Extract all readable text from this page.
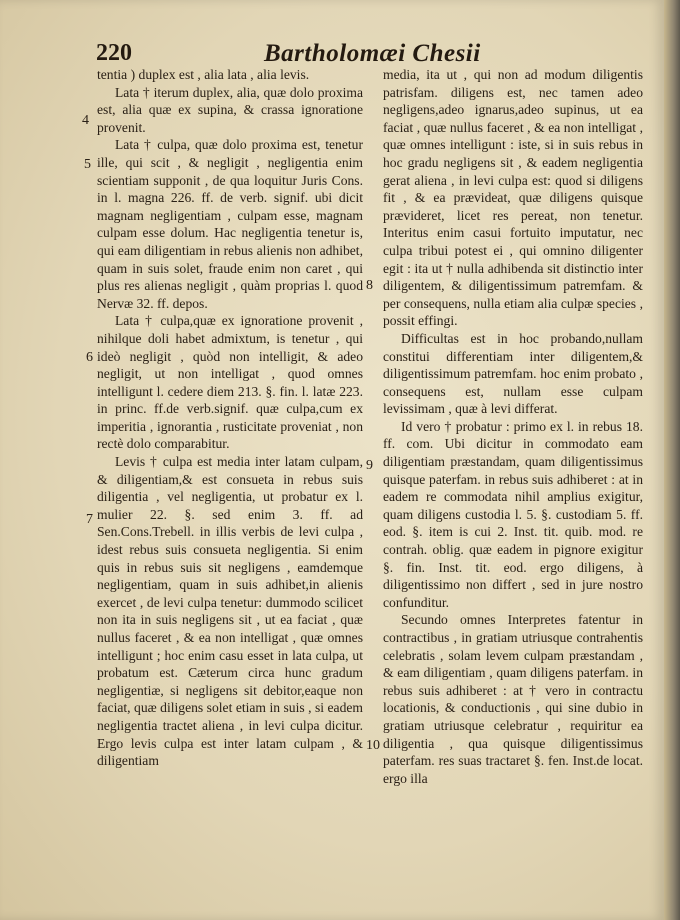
220	Bartholomæi Chesii
4
5
6
7
8
9
10

tentia ) duplex est , alia lata , alia levis.

Lata † iterum duplex, alia, quæ dolo proxima est, alia quæ ex supina, & crassa ignoratione provenit.

Lata † culpa, quæ dolo proxima est, tenetur ille, qui scit , & negligit , negligentia enim scientiam supponit , de qua loquitur Juris Cons. in l. magna 226. ff. de verb. signif. ubi dicit magnam negligentiam , culpam esse, magnam culpam esse dolum. Hac negligentia tenetur is, qui eam diligentiam in rebus alienis non adhibet, quam in suis solet, fraude enim non caret , qui plus res alienas negligit , quàm proprias l. quod Nervæ 32. ff. depos.

Lata † culpa,quæ ex ignoratione provenit , nihilque doli habet admixtum, is tenetur , qui ideò negligit , quòd non intelligit, & adeo negligit, ut non intelligat , quod omnes intelligunt l. cedere diem 213. §. fin. l. latæ 223. in princ. ff.de verb.signif. quæ culpa,cum ex imperitia , ignorantia , rusticitate proveniat , non rectè dolo comparabitur.

Levis † culpa est media inter latam culpam, & diligentiam,& est consueta in rebus suis diligentia , vel negligentia, ut probatur ex l. mulier 22. §. sed enim 3. ff. ad Sen.Cons.Trebell. in illis verbis de levi culpa , idest rebus suis consueta negligentia. Si enim quis in rebus suis sit negligens , eamdemque negligentiam, quam in suis adhibet,in alienis exercet , de levi culpa tenetur: dummodo scilicet non ita in suis negligens sit , ut ea faciat , quæ nullus faceret , & ea non intelligat , quæ omnes intelligunt ; hoc enim casu esset in lata culpa, ut probatum est. Cæterum circa hunc gradum negligentiæ, si negligens sit debitor,eaque non faciat, quæ diligens solet etiam in suis , si eadem negligentia tractet aliena , in levi culpa dicitur. Ergo levis culpa est inter latam culpam , & diligentiam

media, ita ut , qui non ad modum diligentis patrisfam. diligens est, nec tamen adeo negligens,adeo ignarus,adeo supinus, ut ea faciat , quæ nullus faceret , & ea non intelligat , quæ omnes intelligunt : iste, si in suis rebus in hoc gradu negligens sit , & eadem negligentia gerat aliena , in levi culpa est: quod si diligens fit , & ea prævideat, quæ diligens quisque prævideret, licet res pereat, non tenetur. Interitus enim casui fortuito imputatur, nec culpa tribui potest ei , qui omnino diligenter egit : ita ut † nulla adhibenda sit distinctio inter diligentem, & diligentissimum patremfam. & per consequens, nulla etiam alia culpæ species , possit effingi.

Difficultas est in hoc probando,nullam constitui differentiam inter diligentem,& diligentissimum patremfam. hoc enim probato , consequens est, nullam esse culpam levissimam , quæ à levi differat.

Id vero † probatur : primo ex l. in rebus 18. ff. com. Ubi dicitur in commodato eam diligentiam præstandam, quam diligentissimus quisque paterfam. in rebus suis adhiberet : at in eadem re commodata nihil amplius exigitur, quam diligens custodia l. 5. §. custodiam 5. ff. eod. §. item is cui 2. Inst. tit. quib. mod. re contrah. oblig. quæ eadem in pignore exigitur §. fin. Inst. tit. eod. ergo diligens, à diligentissimo non differt , sed in jure nostro confunditur.

Secundo omnes Interpretes fatentur in contractibus , in gratiam utriusque contrahentis celebratis , solam levem culpam præstandam , & eam diligentiam , quam diligens paterfam. in rebus suis adhiberet : at † vero in contractu locationis, & conductionis , qui sine dubio in gratiam utriusque celebratur , requiritur ea diligentia , qua quisque diligentissimus paterfam. res suas tractaret §. fen. Inst.de locat. ergo illa
